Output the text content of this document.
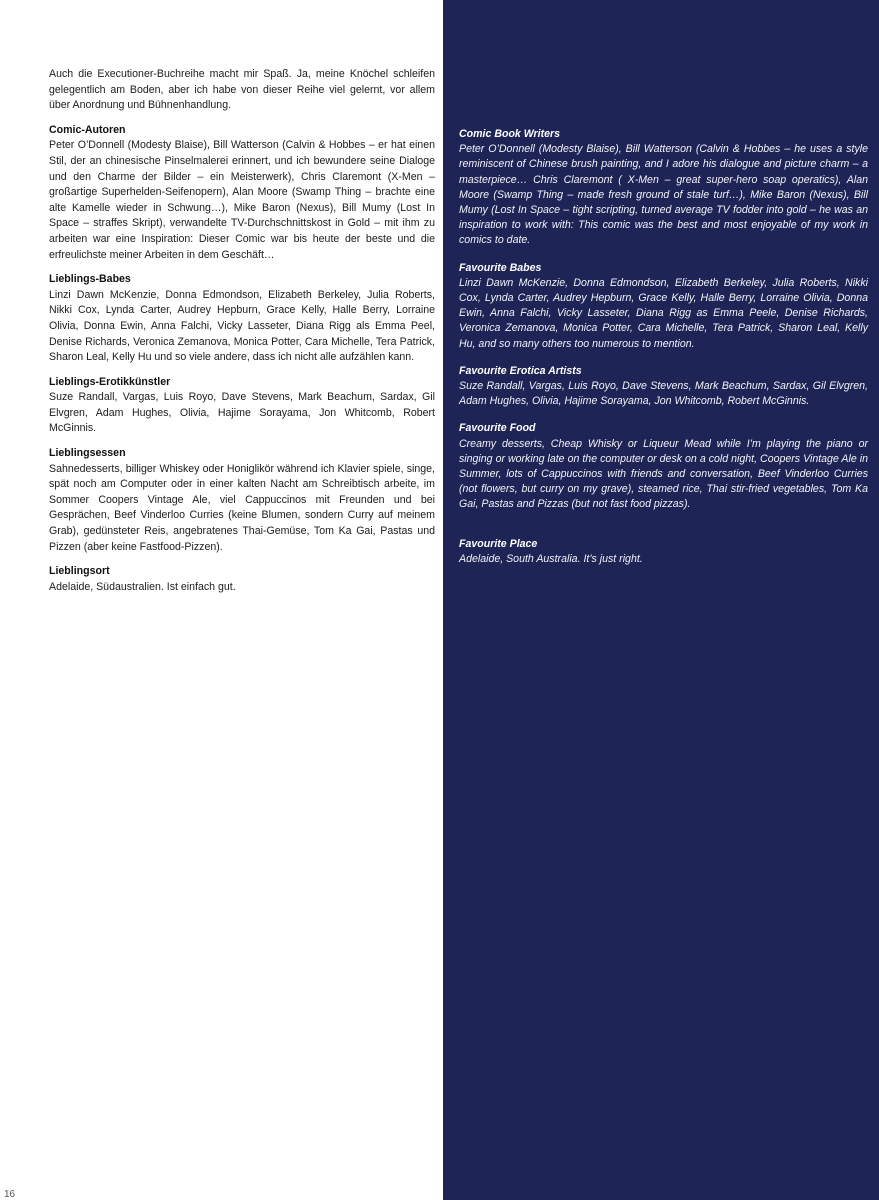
Auch die Executioner-Buchreihe macht mir Spaß. Ja, meine Knöchel schleifen gelegentlich am Boden, aber ich habe von dieser Reihe viel gelernt, vor allem über Anordnung und Bühnenhandlung.

Comic-Autoren

Peter O’Donnell (Modesty Blaise), Bill Watterson (Calvin & Hobbes – er hat einen Stil, der an chinesische Pinselmalerei erinnert, und ich bewundere seine Dialoge und den Charme der Bilder – ein Meisterwerk), Chris Claremont (X-Men – großartige Superhelden-Seifenopern), Alan Moore (Swamp Thing – brachte eine alte Kamelle wieder in Schwung…), Mike Baron (Nexus), Bill Mumy (Lost In Space – straffes Skript), verwandelte TV-Durchschnittskost in Gold – mit ihm zu arbeiten war eine Inspiration: Dieser Comic war bis heute der beste und die erfreulichste meiner Arbeiten in dem Geschäft…

Lieblings-Babes

Linzi Dawn McKenzie, Donna Edmondson, Elizabeth Berkeley, Julia Roberts, Nikki Cox, Lynda Carter, Audrey Hepburn, Grace Kelly, Halle Berry, Lorraine Olivia, Donna Ewin, Anna Falchi, Vicky Lasseter, Diana Rigg als Emma Peel, Denise Richards, Veronica Zemanova, Monica Potter, Cara Michelle, Tera Patrick, Sharon Leal, Kelly Hu und so viele andere, dass ich nicht alle aufzählen kann.

Lieblings-Erotikkünstler

Suze Randall, Vargas, Luis Royo, Dave Stevens, Mark Beachum, Sardax, Gil Elvgren, Adam Hughes, Olivia, Hajime Sorayama, Jon Whitcomb, Robert McGinnis.

Lieblingsessen

Sahnedesserts, billiger Whiskey oder Honiglikör während ich Klavier spiele, singe, spät noch am Computer oder in einer kalten Nacht am Schreibtisch arbeite, im Sommer Coopers Vintage Ale, viel Cappuccinos mit Freunden und bei Gesprächen, Beef Vinderloo Curries (keine Blumen, sondern Curry auf meinem Grab), gedünsteter Reis, angebratenes Thai-Gemüse, Tom Ka Gai, Pastas und Pizzen (aber keine Fastfood-Pizzen).

Lieblingsort

Adelaide, Südaustralien. Ist einfach gut.

16
Comic Book Writers

Peter O’Donnell (Modesty Blaise), Bill Watterson (Calvin & Hobbes – he uses a style reminiscent of Chinese brush painting, and I adore his dialogue and picture charm – a masterpiece… Chris Claremont ( X-Men – great super-hero soap operatics), Alan Moore (Swamp Thing – made fresh ground of stale turf…), Mike Baron (Nexus), Bill Mumy (Lost In Space – tight scripting, turned average TV fodder into gold – he was an inspiration to work with: This comic was the best and most enjoyable of my work in comics to date.

Favourite Babes

Linzi Dawn McKenzie, Donna Edmondson, Elizabeth Berkeley, Julia Roberts, Nikki Cox, Lynda Carter, Audrey Hepburn, Grace Kelly, Halle Berry, Lorraine Olivia, Donna Ewin, Anna Falchi, Vicky Lasseter, Diana Rigg as Emma Peele, Denise Richards, Veronica Zemanova, Monica Potter, Cara Michelle, Tera Patrick, Sharon Leal, Kelly Hu, and so many others too numerous to mention.

Favourite Erotica Artists

Suze Randall, Vargas, Luis Royo, Dave Stevens, Mark Beachum, Sardax, Gil Elvgren, Adam Hughes, Olivia, Hajime Sorayama, Jon Whitcomb, Robert McGinnis.

Favourite Food

Creamy desserts, Cheap Whisky or Liqueur Mead while I’m playing the piano or singing or working late on the computer or desk on a cold night, Coopers Vintage Ale in Summer, lots of Cappuccinos with friends and conversation, Beef Vinderloo Curries (not flowers, but curry on my grave), steamed rice, Thai stir-fried vegetables, Tom Ka Gai, Pastas and Pizzas (but not fast food pizzas).

Favourite Place

Adelaide, South Australia. It’s just right.
